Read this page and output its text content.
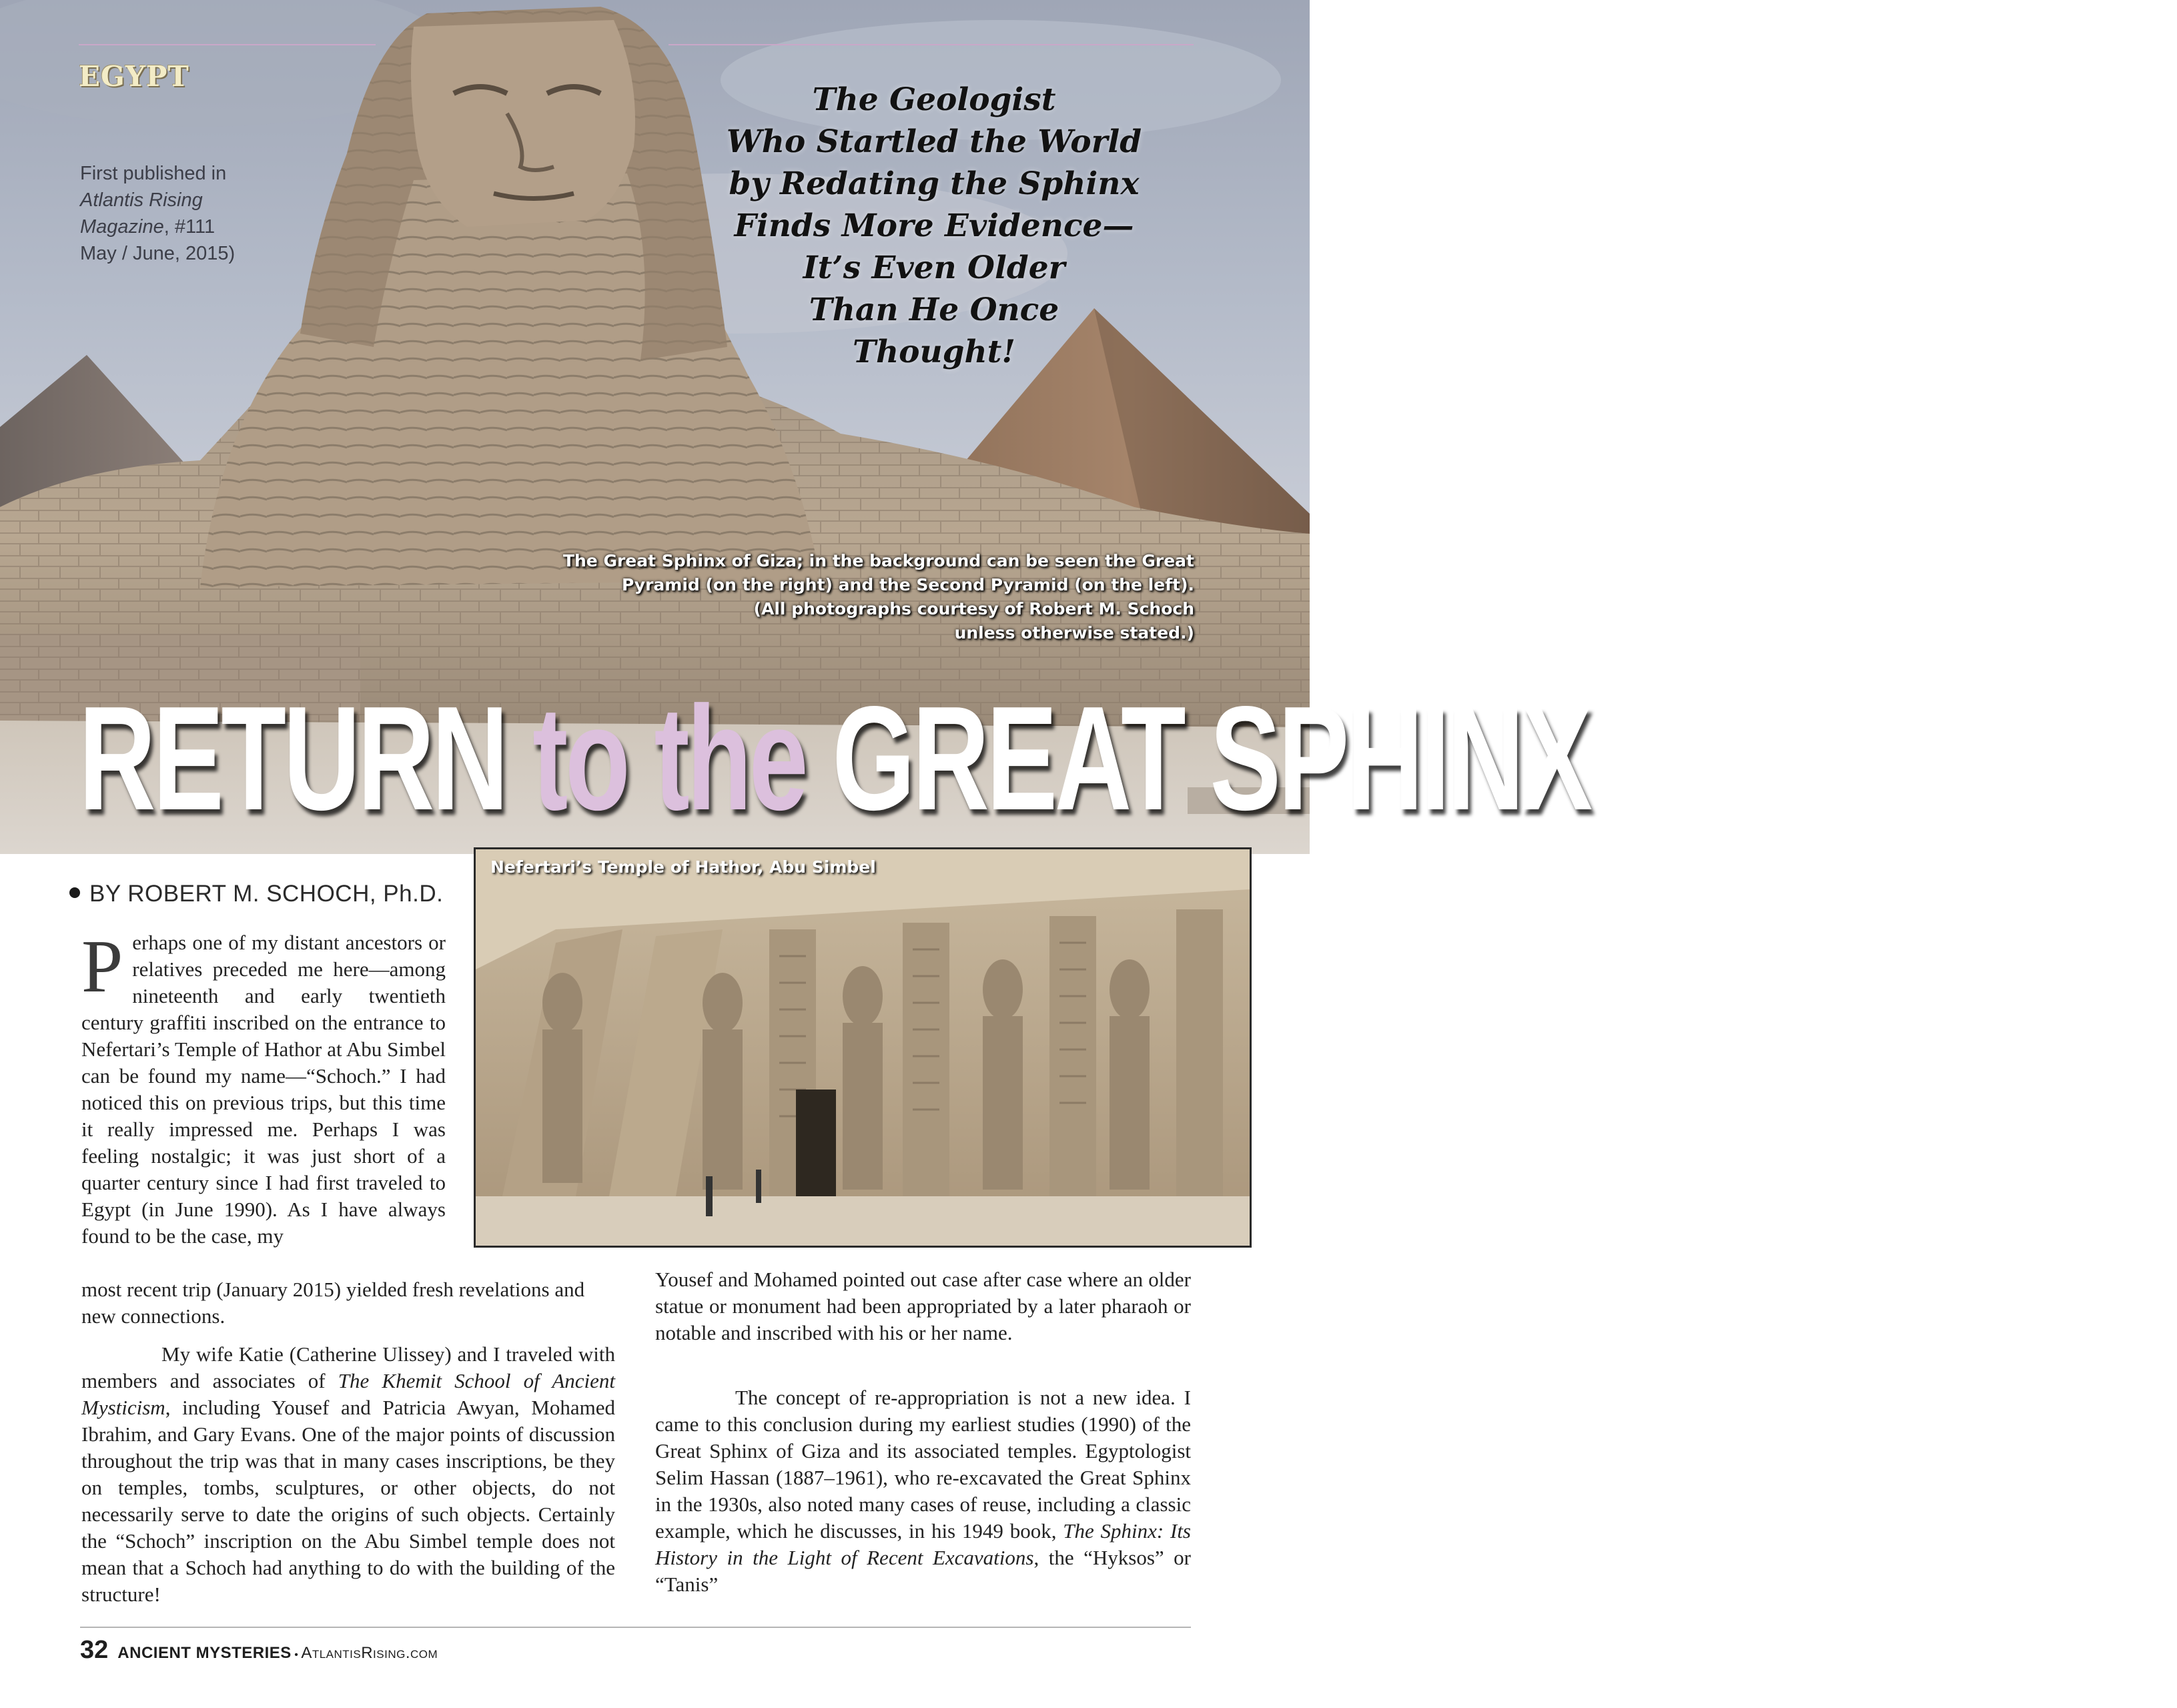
EGYPT
First published in
Atlantis Rising Magazine, #111 May / June, 2015)
The Geologist
Who Startled the World
by Redating the Sphinx
Finds More Evidence—
It’s Even Older
Than He Once
Thought!
The Great Sphinx of Giza; in the background can be seen the Great
Pyramid (on the right) and the Second Pyramid (on the left).
(All photographs courtesy of Robert M. Schoch
unless otherwise stated.)
RETURN to the GREAT SPHINX
Nefertari’s Temple of Hathor, Abu Simbel
BY ROBERT M. SCHOCH, Ph.D.

Perhaps one of my distant ancestors or relatives preceded me here—among nineteenth and early twentieth century graffiti inscribed on the entrance to Nefertari’s Temple of Hathor at Abu Simbel can be found my name—“Schoch.” I had noticed this on previous trips, but this time it really impressed me. Perhaps I was feeling nostalgic; it was just short of a quarter century since I had first traveled to Egypt (in June 1990). As I have always found to be the case, my

most recent trip (January 2015) yielded fresh revelations and new connections.

My wife Katie (Catherine Ulissey) and I traveled with members and associates of The Khemit School of Ancient Mysticism, including Yousef and Patricia Awyan, Mohamed Ibrahim, and Gary Evans. One of the major points of discussion throughout the trip was that in many cases inscriptions, be they on temples, tombs, sculptures, or other objects, do not necessarily serve to date the origins of such objects. Certainly the “Schoch” inscription on the Abu Simbel temple does not mean that a Schoch had anything to do with the building of the structure!

Yousef and Mohamed pointed out case after case where an older statue or monument had been appropriated by a later pharaoh or notable and inscribed with his or her name.

The concept of re-appropriation is not a new idea. I came to this conclusion during my earliest studies (1990) of the Great Sphinx of Giza and its associated temples. Egyptologist Selim Hassan (1887–1961), who re-excavated the Great Sphinx in the 1930s, also noted many cases of reuse, including a classic example, which he discusses, in his 1949 book, The Sphinx: Its History in the Light of Recent Excavations, the “Hyksos” or “Tanis”

32 ANCIENT MYSTERIES • AtlantisRising.com
